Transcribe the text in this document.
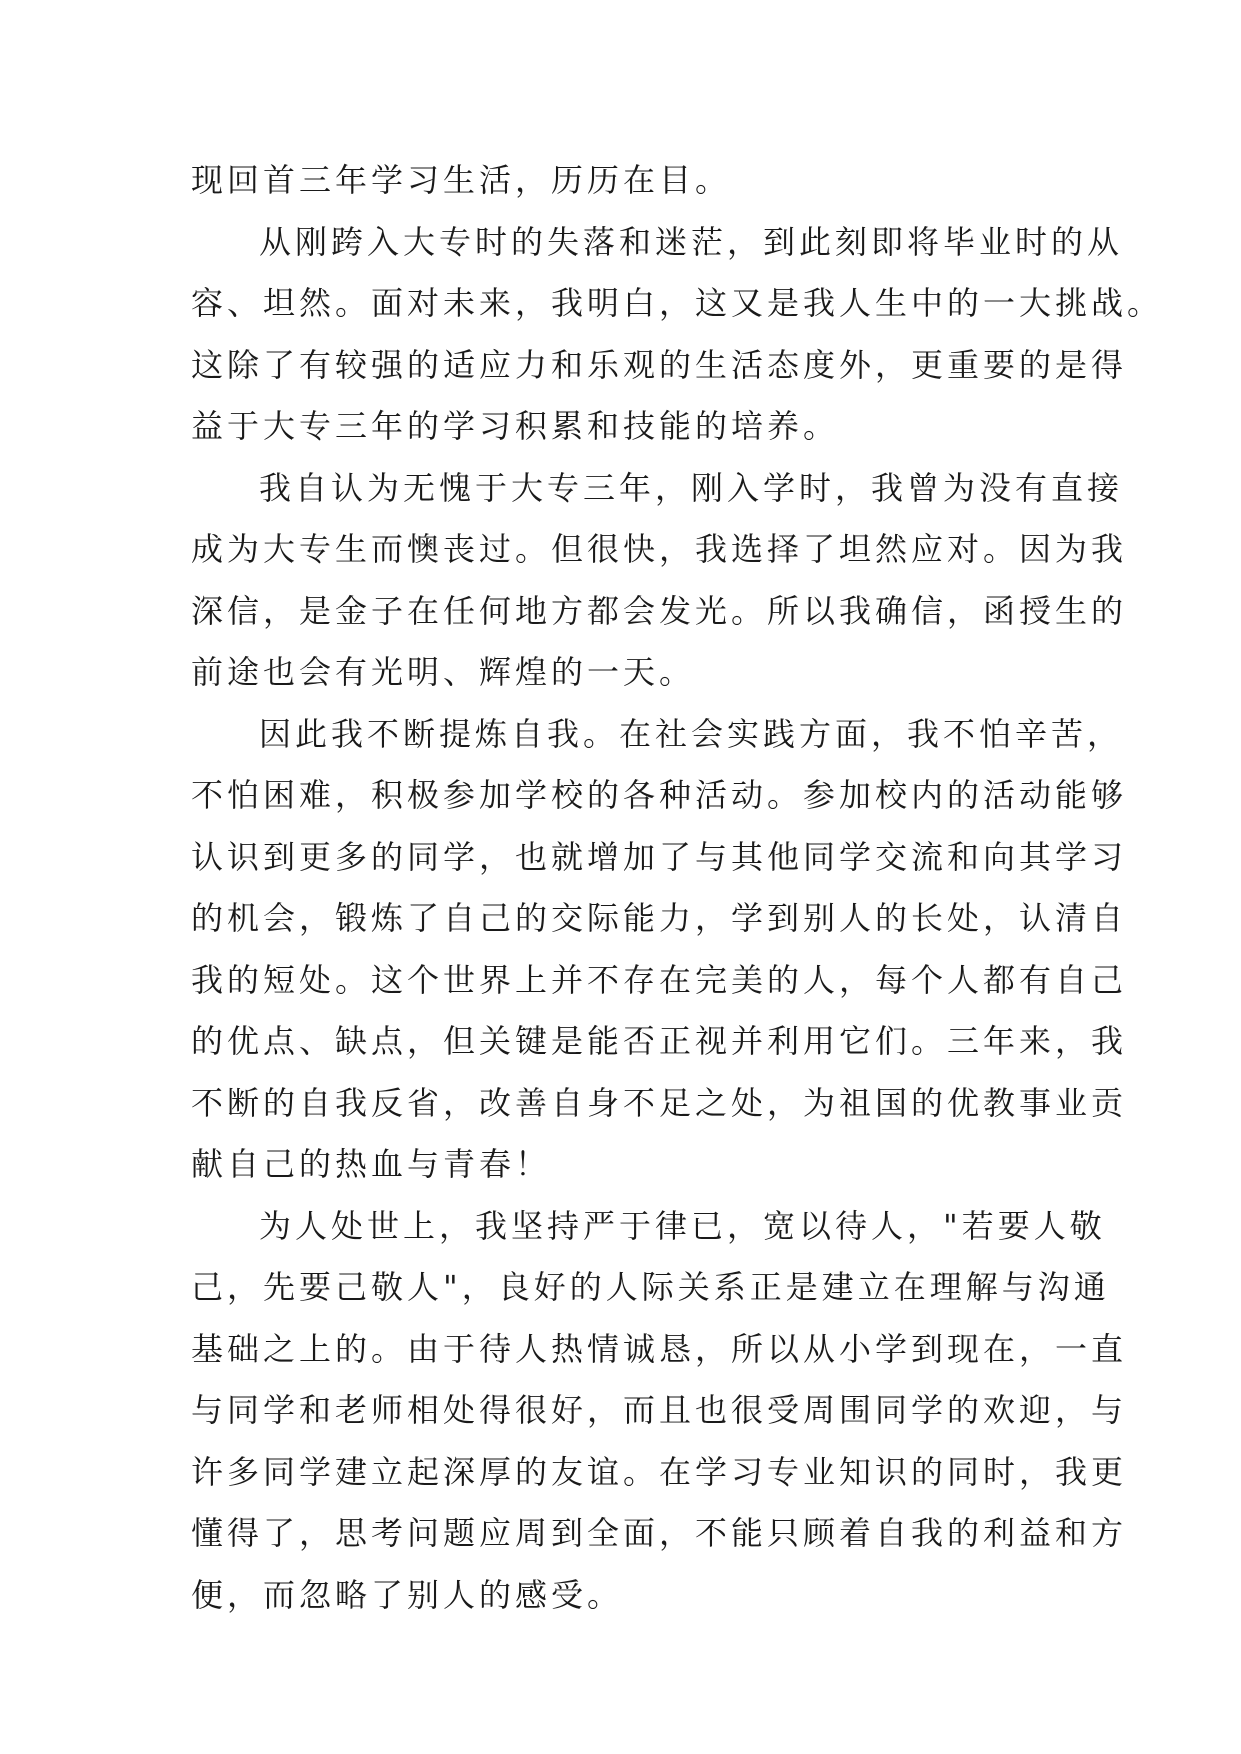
现回首三年学习生活，历历在目。
从刚跨入大专时的失落和迷茫，到此刻即将毕业时的从
容、坦然。面对未来，我明白，这又是我人生中的一大挑战。
这除了有较强的适应力和乐观的生活态度外，更重要的是得
益于大专三年的学习积累和技能的培养。
我自认为无愧于大专三年，刚入学时，我曾为没有直接
成为大专生而懊丧过。但很快，我选择了坦然应对。因为我
深信，是金子在任何地方都会发光。所以我确信，函授生的
前途也会有光明、辉煌的一天。
因此我不断提炼自我。在社会实践方面，我不怕辛苦，
不怕困难，积极参加学校的各种活动。参加校内的活动能够
认识到更多的同学，也就增加了与其他同学交流和向其学习
的机会，锻炼了自己的交际能力，学到别人的长处，认清自
我的短处。这个世界上并不存在完美的人，每个人都有自己
的优点、缺点，但关键是能否正视并利用它们。三年来，我
不断的自我反省，改善自身不足之处，为祖国的优教事业贡
献自己的热血与青春！
为人处世上，我坚持严于律已，宽以待人，"若要人敬
己，先要己敬人"，良好的人际关系正是建立在理解与沟通
基础之上的。由于待人热情诚恳，所以从小学到现在，一直
与同学和老师相处得很好，而且也很受周围同学的欢迎，与
许多同学建立起深厚的友谊。在学习专业知识的同时，我更
懂得了，思考问题应周到全面，不能只顾着自我的利益和方
便，而忽略了别人的感受。
